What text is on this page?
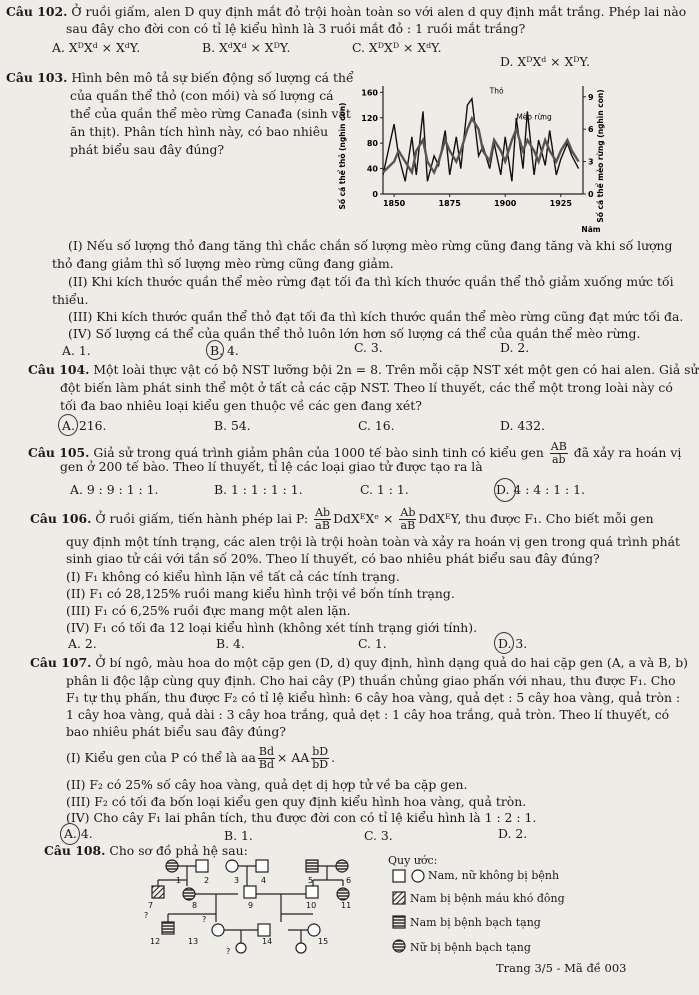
Câu 102. Ở ruồi giấm, alen D quy định mắt đỏ trội hoàn toàn so với alen d quy định mắt trắng. Phép lai nào
sau đây cho đời con có tỉ lệ kiểu hình là 3 ruồi mắt đỏ : 1 ruồi mắt trắng?
A. XᴰXᵈ × XᵈY.	B. XᵈXᵈ × XᴰY.	C. XᴰXᴰ × XᵈY.
D. XᴰXᵈ × XᴰY.
Câu 103. Hình bên mô tả sự biến động số lượng cá thể
của quần thể thỏ (con mồi) và số lượng cá
thể của quần thể mèo rừng Canađa (sinh vật
ăn thịt). Phân tích hình này, có bao nhiêu
phát biểu sau đây đúng?	Số cá thể thỏ (nghìn con)	Số cá thể mèo rừng (nghìn con)
Năm
0
40
80
120
160
0
3
6
9
1850	1875	1900	1925
Thỏ
Mèo rừng
(I) Nếu số lượng thỏ đang tăng thì chắc chắn số lượng mèo rừng cũng đang tăng và khi số lượng
thỏ đang giảm thì số lượng mèo rừng cũng đang giảm.
(II) Khi kích thước quần thể mèo rừng đạt tối đa thì kích thước quần thể thỏ giảm xuống mức tối
thiểu.
(III) Khi kích thước quần thể thỏ đạt tối đa thì kích thước quần thể mèo rừng cũng đạt mức tối đa.
(IV) Số lượng cá thể của quần thể thỏ luôn lớn hơn số lượng cá thể của quần thể mèo rừng.
A. 1.	B. 4.	C. 3.	D. 2.
Câu 104. Một loài thực vật có bộ NST lưỡng bội 2n = 8. Trên mỗi cặp NST xét một gen có hai alen. Giả sử
đột biến làm phát sinh thể một ở tất cả các cặp NST. Theo lí thuyết, các thể một trong loài này có
tối đa bao nhiêu loại kiểu gen thuộc về các gen đang xét?
A. 216.	B. 54.	C. 16.	D. 432.
Câu 105. Giả sử trong quá trình giảm phân của 1000 tế bào sinh tinh có kiểu gen $\frac{AB}{ab}$ đã xảy ra hoán vị
gen ở 200 tế bào. Theo lí thuyết, tỉ lệ các loại giao tử được tạo ra là
A. 9 : 9 : 1 : 1.	B. 1 : 1 : 1 : 1.	C. 1 : 1.	D. 4 : 4 : 1 : 1.
Câu 106. Ở ruồi giấm, tiến hành phép lai P: $\frac{Ab}{aB}$ DdXᴱXᵉ × $\frac{Ab}{aB}$ DdXᴱY, thu được F₁. Cho biết mỗi gen
quy định một tính trạng, các alen trội là trội hoàn toàn và xảy ra hoán vị gen trong quá trình phát
sinh giao tử cái với tần số 20%. Theo lí thuyết, có bao nhiêu phát biểu sau đây đúng?
(I) F₁ không có kiểu hình lặn về tất cả các tính trạng.
(II) F₁ có 28,125% ruồi mang kiểu hình trội về bốn tính trạng.
(III) F₁ có 6,25% ruồi đực mang một alen lặn.
(IV) F₁ có tối đa 12 loại kiểu hình (không xét tính trạng giới tính).
A. 2.	B. 4.	C. 1.	D. 3.
Câu 107. Ở bí ngô, màu hoa do một cặp gen (D, d) quy định, hình dạng quả do hai cặp gen (A, a và B, b)
phân li độc lập cùng quy định. Cho hai cây (P) thuần chủng giao phấn với nhau, thu được F₁. Cho
F₁ tự thụ phấn, thu được F₂ có tỉ lệ kiểu hình: 6 cây hoa vàng, quả dẹt : 5 cây hoa vàng, quả tròn :
1 cây hoa vàng, quả dài : 3 cây hoa trắng, quả dẹt : 1 cây hoa trắng, quả tròn. Theo lí thuyết, có
bao nhiêu phát biểu sau đây đúng?
(I) Kiểu gen của P có thể là aa $\frac{Bd}{Bd}$ × AA $\frac{bD}{bD}$ .
(II) F₂ có 25% số cây hoa vàng, quả dẹt dị hợp tử về ba cặp gen.
(III) F₂ có tối đa bốn loại kiểu gen quy định kiểu hình hoa vàng, quả tròn.
(IV) Cho cây F₁ lai phân tích, thu được đời con có tỉ lệ kiểu hình là 1 : 2 : 1.
A. 4.	B. 1.	C. 3.	D. 2.
Câu 108. Cho sơ đồ phả hệ sau:
1	2	3	4	5	6
7	8	9	10	11
12	13	14	15
?
?
?
Quy ước:
Nam, nữ không bị bệnh
Nam bị bệnh máu khó đông
Nam bị bệnh bạch tạng
Nữ bị bệnh bạch tạng
Trang 3/5 - Mã đề 003
